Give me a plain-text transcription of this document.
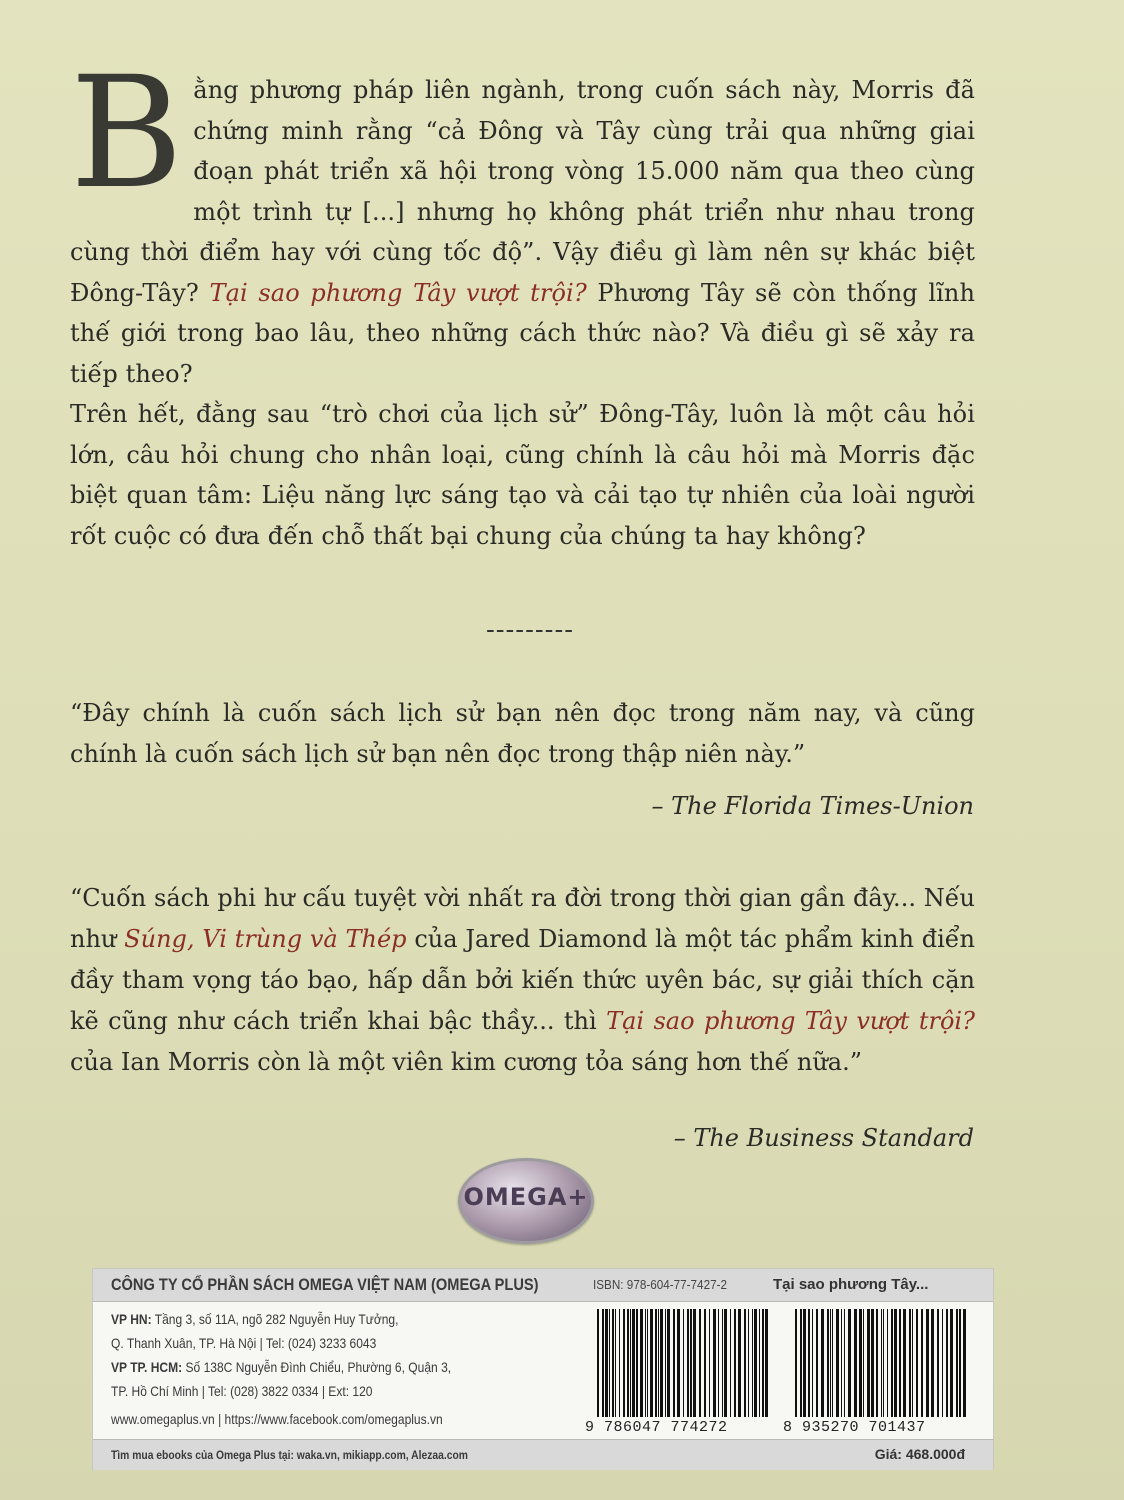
Bằng phương pháp liên ngành, trong cuốn sách này, Morris đã chứng minh rằng “cả Đông và Tây cùng trải qua những giai đoạn phát triển xã hội trong vòng 15.000 năm qua theo cùng một trình tự [...] nhưng họ không phát triển như nhau trong cùng thời điểm hay với cùng tốc độ”. Vậy điều gì làm nên sự khác biệt Đông-Tây? Tại sao phương Tây vượt trội? Phương Tây sẽ còn thống lĩnh thế giới trong bao lâu, theo những cách thức nào? Và điều gì sẽ xảy ra tiếp theo?

Trên hết, đằng sau “trò chơi của lịch sử” Đông-Tây, luôn là một câu hỏi lớn, câu hỏi chung cho nhân loại, cũng chính là câu hỏi mà Morris đặc biệt quan tâm: Liệu năng lực sáng tạo và cải tạo tự nhiên của loài người rốt cuộc có đưa đến chỗ thất bại chung của chúng ta hay không?

---------
“Đây chính là cuốn sách lịch sử bạn nên đọc trong năm nay, và cũng chính là cuốn sách lịch sử bạn nên đọc trong thập niên này.”
– The Florida Times-Union
“Cuốn sách phi hư cấu tuyệt vời nhất ra đời trong thời gian gần đây... Nếu như Súng, Vi trùng và Thép của Jared Diamond là một tác phẩm kinh điển đầy tham vọng táo bạo, hấp dẫn bởi kiến thức uyên bác, sự giải thích cặn kẽ cũng như cách triển khai bậc thầy... thì Tại sao phương Tây vượt trội? của Ian Morris còn là một viên kim cương tỏa sáng hơn thế nữa.”
– The Business Standard
OMEGA+
CÔNG TY CỔ PHẦN SÁCH OMEGA VIỆT NAM (OMEGA PLUS)	ISBN: 978-604-77-7427-2	Tại sao phương Tây...
VP HN: Tầng 3, số 11A, ngõ 282 Nguyễn Huy Tưởng,
Q. Thanh Xuân, TP. Hà Nội | Tel: (024) 3233 6043
VP TP. HCM: Số 138C Nguyễn Đình Chiểu, Phường 6, Quận 3,
TP. Hồ Chí Minh | Tel: (028) 3822 0334 | Ext: 120
www.omegaplus.vn | https://www.facebook.com/omegaplus.vn	9 786047 774272	8 935270 701437
Tìm mua ebooks của Omega Plus tại: waka.vn, mikiapp.com, Alezaa.com	Giá: 468.000đ
